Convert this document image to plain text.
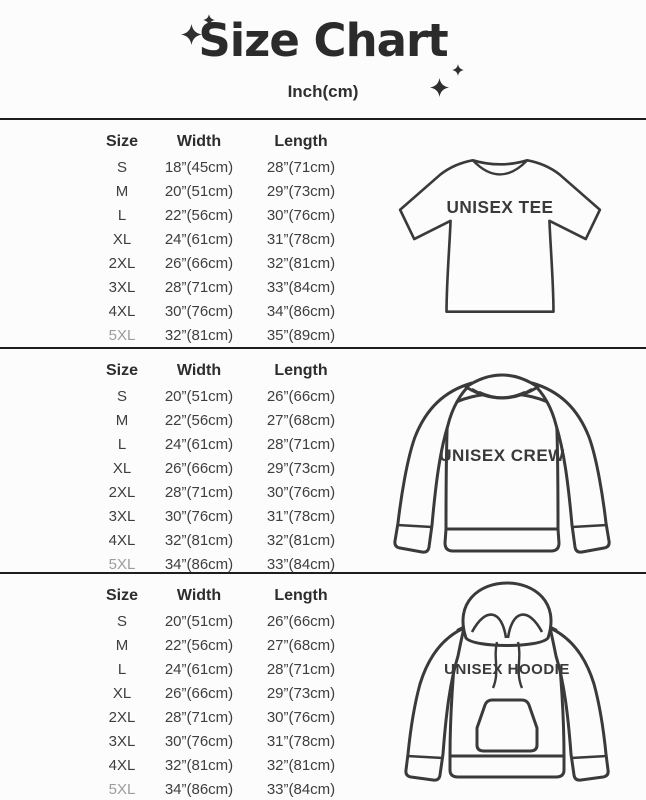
Size Chart
Inch(cm)
Size	Width	Length
S	18”(45cm)	28”(71cm)
M	20”(51cm)	29”(73cm)
L	22”(56cm)	30”(76cm)
XL	24”(61cm)	31”(78cm)
2XL	26”(66cm)	32”(81cm)
3XL	28”(71cm)	33”(84cm)
4XL	30”(76cm)	34”(86cm)
5XL	32”(81cm)	35”(89cm)
UNISEX TEE
Size	Width	Length
S	20”(51cm)	26”(66cm)
M	22”(56cm)	27”(68cm)
L	24”(61cm)	28”(71cm)
XL	26”(66cm)	29”(73cm)
2XL	28”(71cm)	30”(76cm)
3XL	30”(76cm)	31”(78cm)
4XL	32”(81cm)	32”(81cm)
5XL	34”(86cm)	33”(84cm)
UNISEX CREW
Size	Width	Length
S	20”(51cm)	26”(66cm)
M	22”(56cm)	27”(68cm)
L	24”(61cm)	28”(71cm)
XL	26”(66cm)	29”(73cm)
2XL	28”(71cm)	30”(76cm)
3XL	30”(76cm)	31”(78cm)
4XL	32”(81cm)	32”(81cm)
5XL	34”(86cm)	33”(84cm)
UNISEX HOODIE
